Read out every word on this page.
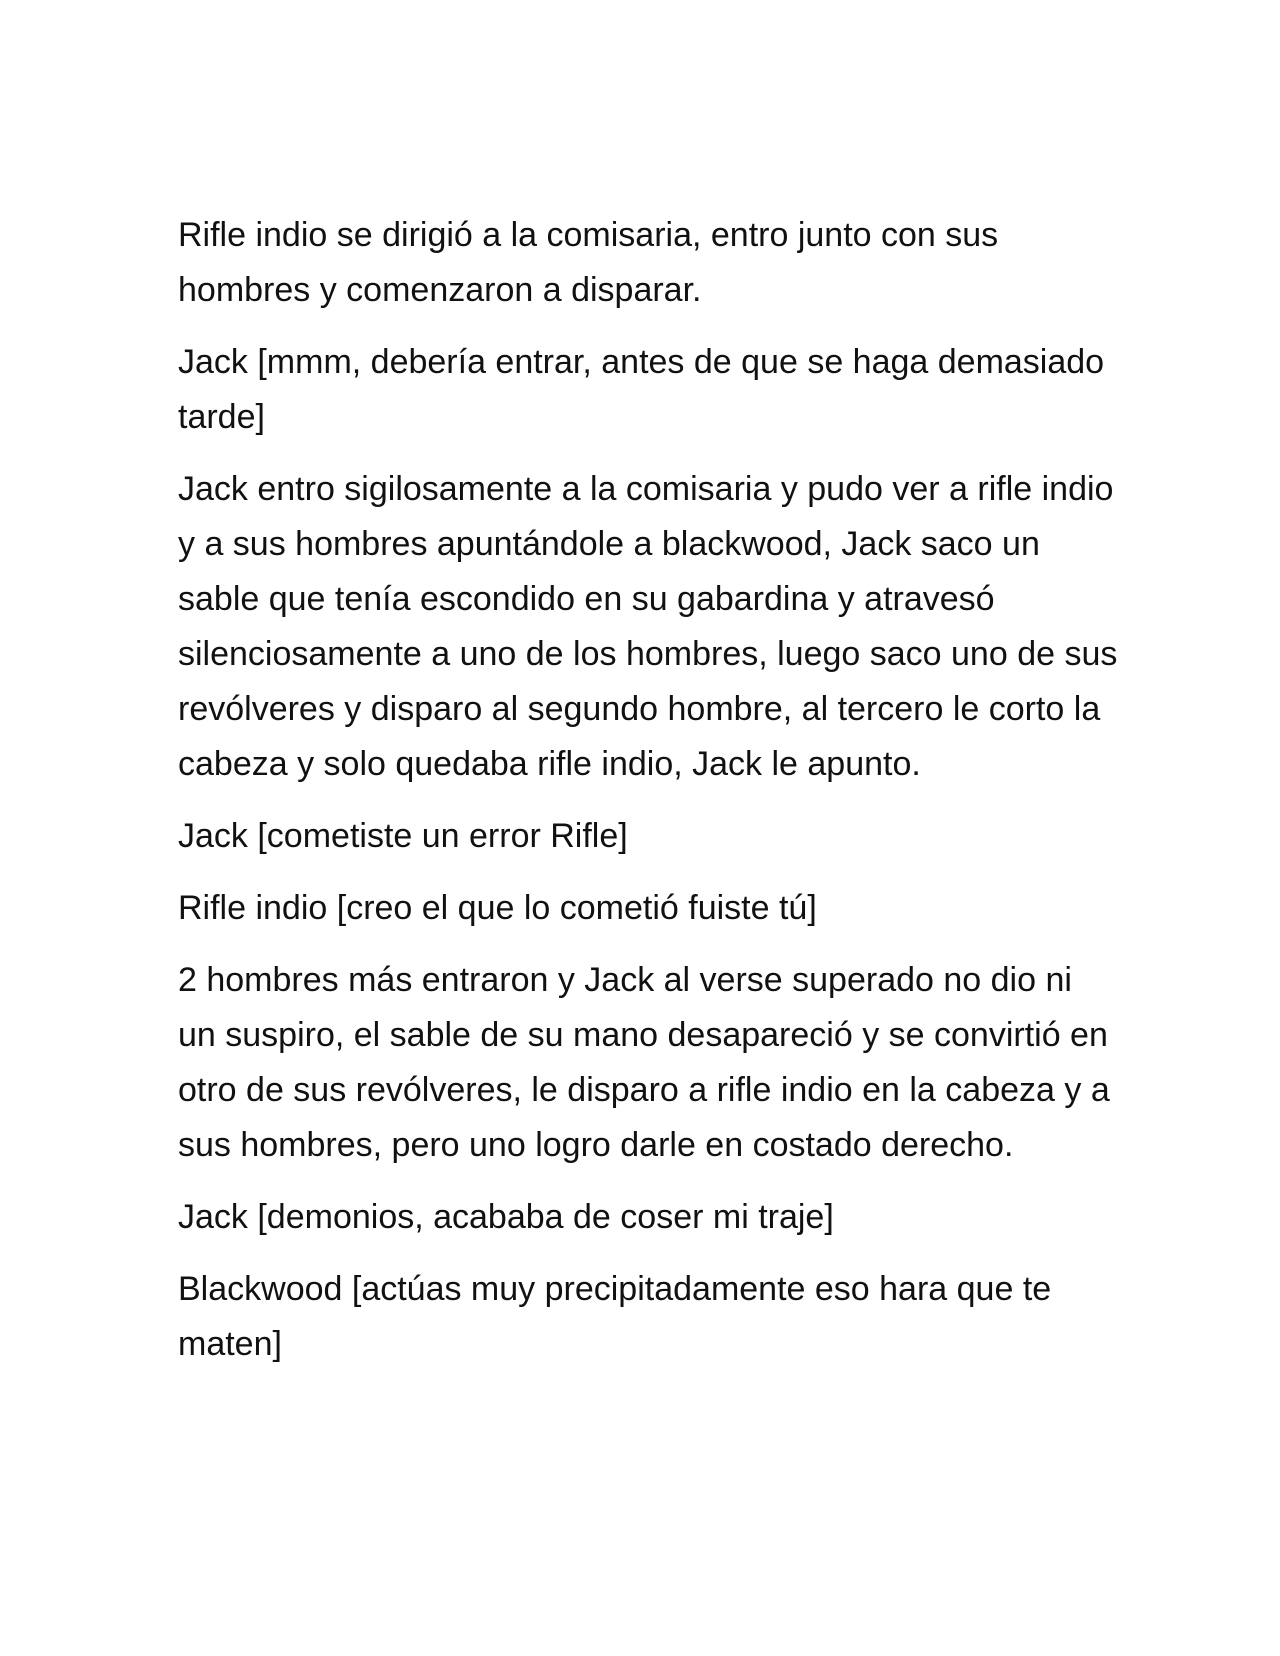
Rifle indio se dirigió a la comisaria, entro junto con sus hombres y comenzaron a disparar.

Jack [mmm, debería entrar, antes de que se haga demasiado tarde]

Jack entro sigilosamente a la comisaria y pudo ver a rifle indio y a sus hombres apuntándole a blackwood, Jack saco un sable que tenía escondido en su gabardina y atravesó silenciosamente a uno de los hombres, luego saco uno de sus revólveres y disparo al segundo hombre, al tercero le corto la cabeza y solo quedaba rifle indio, Jack le apunto.

Jack [cometiste un error Rifle]

Rifle indio [creo el que lo cometió fuiste tú]

2 hombres más entraron y Jack al verse superado no dio ni un suspiro, el sable de su mano desapareció y se convirtió en otro de sus revólveres, le disparo a rifle indio en la cabeza y a sus hombres, pero uno logro darle en costado derecho.

Jack [demonios, acababa de coser mi traje]

Blackwood [actúas muy precipitadamente eso hara que te maten]
